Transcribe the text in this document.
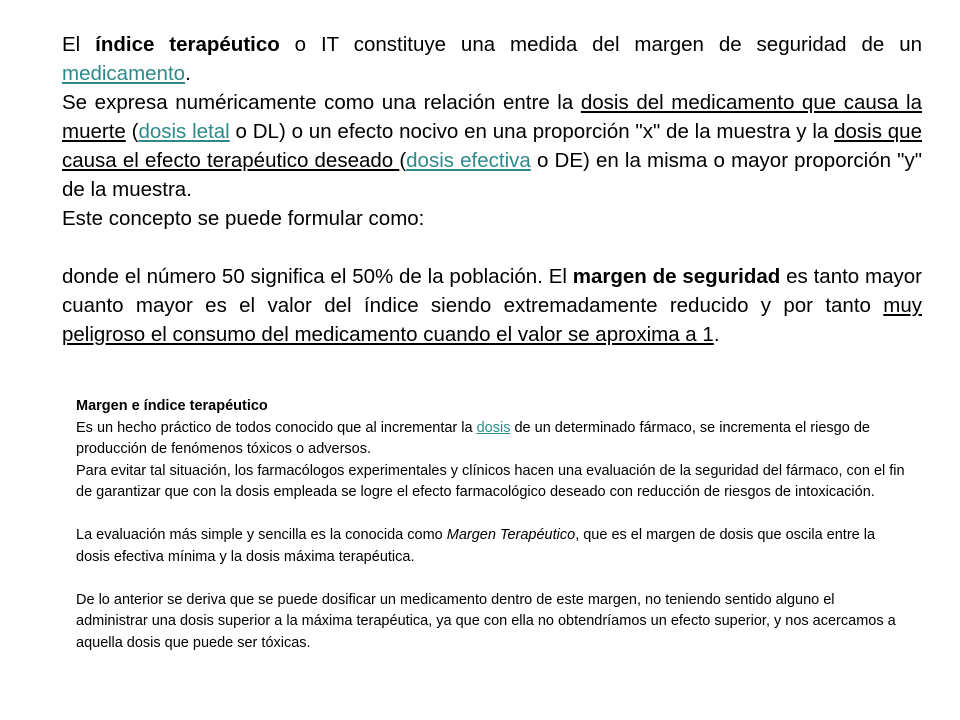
El índice terapéutico o IT constituye una medida del margen de seguridad de un medicamento.

Se expresa numéricamente como una relación entre la dosis del medicamento que causa la muerte (dosis letal o DL) o un efecto nocivo en una proporción "x" de la muestra y la dosis que causa el efecto terapéutico deseado (dosis efectiva o DE) en la misma o mayor proporción "y" de la muestra.

Este concepto se puede formular como:

donde el número 50 significa el 50% de la población. El margen de seguridad es tanto mayor cuanto mayor es el valor del índice siendo extremadamente reducido y por tanto muy peligroso el consumo del medicamento cuando el valor se aproxima a 1.

Margen e índice terapéutico

Es un hecho práctico de todos conocido que al incrementar la dosis de un determinado fármaco, se incrementa el riesgo de producción de fenómenos tóxicos o adversos.

Para evitar tal situación, los farmacólogos experimentales y clínicos hacen una evaluación de la seguridad del fármaco, con el fin de garantizar que con la dosis empleada se logre el efecto farmacológico deseado con reducción de riesgos de intoxicación.

La evaluación más simple y sencilla es la conocida como Margen Terapéutico, que es el margen de dosis que oscila entre la dosis efectiva mínima y la dosis máxima terapéutica.

De lo anterior se deriva que se puede dosificar un medicamento dentro de este margen, no teniendo sentido alguno el administrar una dosis superior a la máxima terapéutica, ya que con ella no obtendríamos un efecto superior, y nos acercamos a aquella dosis que puede ser tóxicas.
